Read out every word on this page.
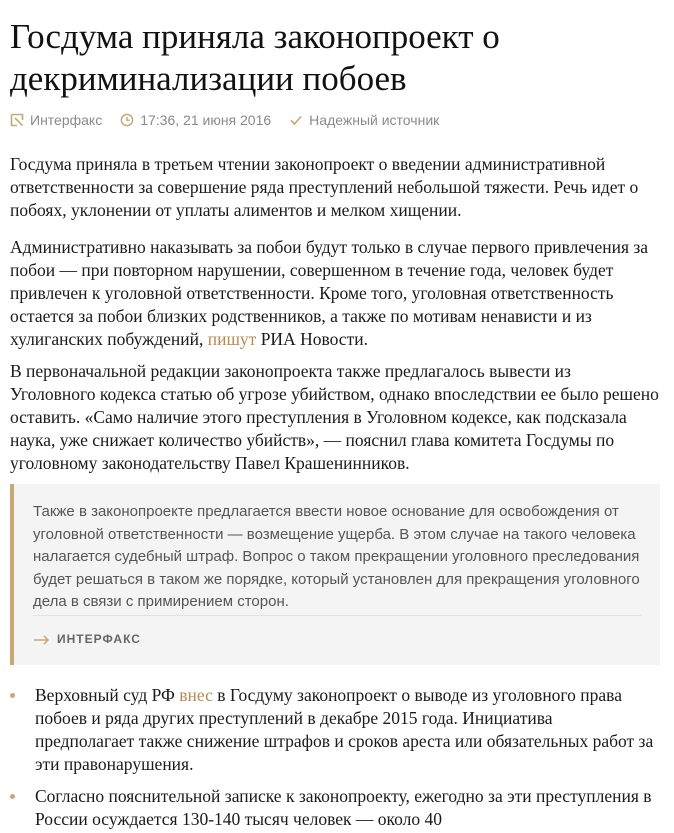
Госдума приняла законопроект о декриминализации побоев
Интерфакс	17:36, 21 июня 2016	Надежный источник

Госдума приняла в третьем чтении законопроект о введении административной ответственности за совершение ряда преступлений небольшой тяжести. Речь идет о побоях, уклонении от уплаты алиментов и мелком хищении.

Административно наказывать за побои будут только в случае первого привлечения за побои — при повторном нарушении, совершенном в течение года, человек будет привлечен к уголовной ответственности. Кроме того, уголовная ответственность остается за побои близких родственников, а также по мотивам ненависти и из хулиганских побуждений, пишут РИА Новости.

В первоначальной редакции законопроекта также предлагалось вывести из Уголовного кодекса статью об угрозе убийством, однако впоследствии ее было решено оставить. «Само наличие этого преступления в Уголовном кодексе, как подсказала наука, уже снижает количество убийств», — пояснил глава комитета Госдумы по уголовному законодательству Павел Крашенинников.

Также в законопроекте предлагается ввести новое основание для освобождения от уголовной ответственности — возмещение ущерба. В этом случае на такого человека налагается судебный штраф. Вопрос о таком прекращении уголовного преследования будет решаться в таком же порядке, который установлен для прекращения уголовного дела в связи с примирением сторон.

ИНТЕРФАКС

Верховный суд РФ внес в Госдуму законопроект о выводе из уголовного права побоев и ряда других преступлений в декабре 2015 года. Инициатива предполагает также снижение штрафов и сроков ареста или обязательных работ за эти правонарушения.

Согласно пояснительной записке к законопроекту, ежегодно за эти преступления в России осуждается 130-140 тысяч человек — около 40
